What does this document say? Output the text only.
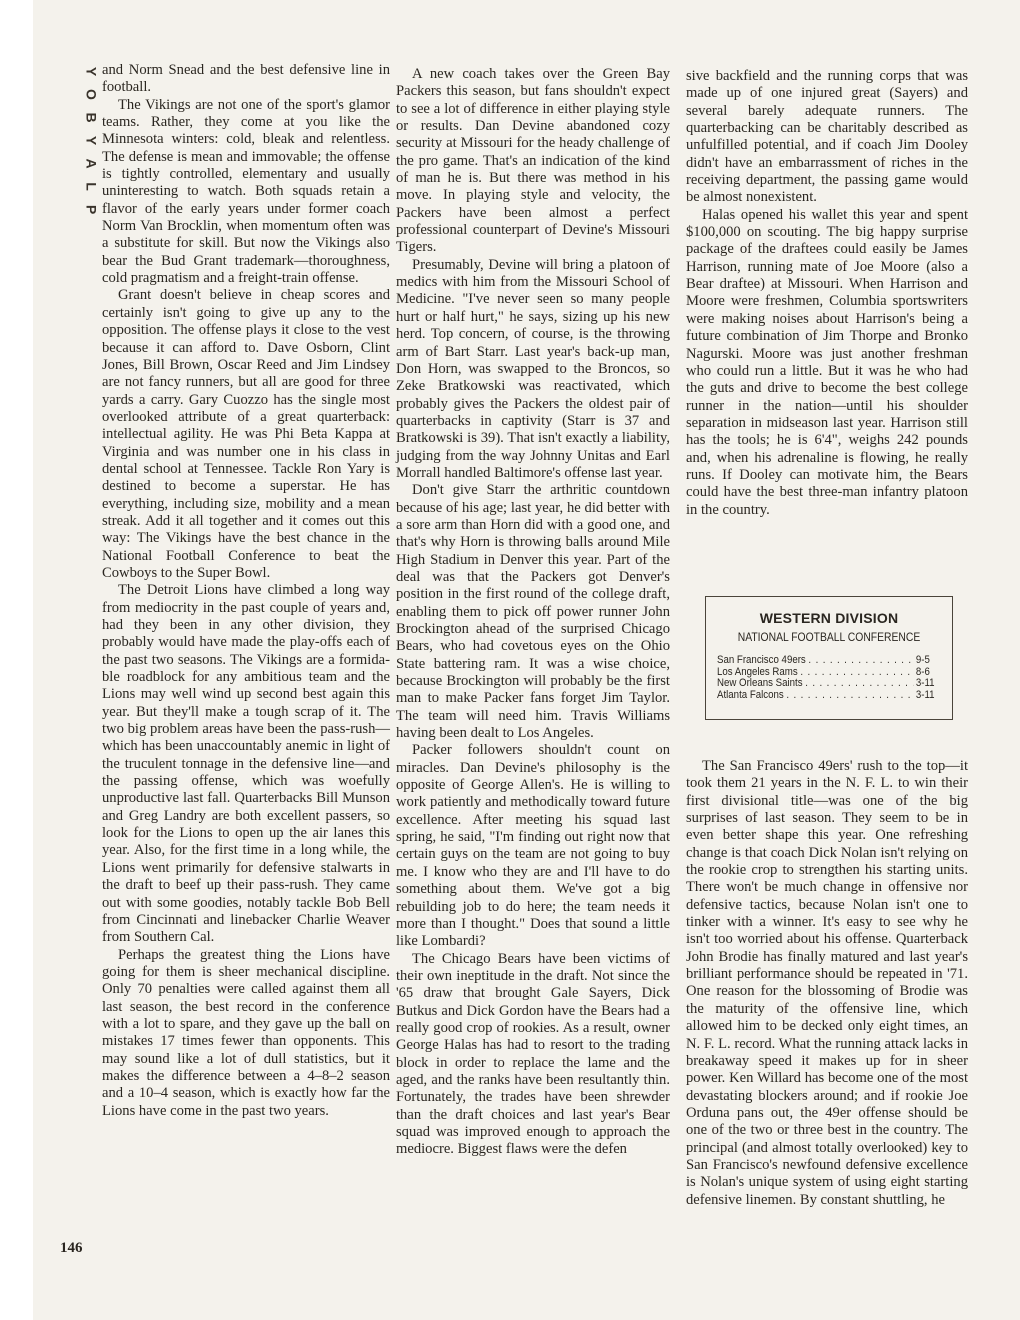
Y
O
B
Y
A
L
P

and Norm Snead and the best defensive line in football.

The Vikings are not one of the sport's glamor teams. Rather, they come at you like the Minnesota winters: cold, bleak and relentless. The defense is mean and immovable; the offense is tightly controlled, elementary and usually uninteresting to watch. Both squads retain a flavor of the early years under former coach Norm Van Brocklin, when momentum often was a substitute for skill. But now the Vikings also bear the Bud Grant trademark—thoroughness, cold pragmatism and a freight-train offense.

Grant doesn't believe in cheap scores and certainly isn't going to give up any to the opposition. The offense plays it close to the vest because it can afford to. Dave Osborn, Clint Jones, Bill Brown, Oscar Reed and Jim Lindsey are not fancy runners, but all are good for three yards a carry. Gary Cuozzo has the single most overlooked attribute of a great quarterback: intellectual agility. He was Phi Beta Kappa at Virginia and was number one in his class in dental school at Tennessee. Tackle Ron Yary is destined to become a superstar. He has everything, including size, mobility and a mean streak. Add it all together and it comes out this way: The Vikings have the best chance in the National Football Conference to beat the Cowboys to the Super Bowl.

The Detroit Lions have climbed a long way from mediocrity in the past couple of years and, had they been in any other division, they probably would have made the play-offs each of the past two seasons. The Vikings are a formidable roadblock for any ambitious team and the Lions may well wind up second best again this year. But they'll make a tough scrap of it. The two big problem areas have been the pass-rush— which has been unaccountably anemic in light of the truculent tonnage in the defensive line—and the passing offense, which was woefully unproductive last fall. Quarterbacks Bill Munson and Greg Landry are both excellent passers, so look for the Lions to open up the air lanes this year. Also, for the first time in a long while, the Lions went primarily for defensive stalwarts in the draft to beef up their pass-rush. They came out with some goodies, notably tackle Bob Bell from Cincinnati and linebacker Charlie Weaver from Southern Cal.

Perhaps the greatest thing the Lions have going for them is sheer mechanical discipline. Only 70 penalties were called against them all last season, the best record in the conference with a lot to spare, and they gave up the ball on mistakes 17 times fewer than opponents. This may sound like a lot of dull statistics, but it makes the difference between a 4–8–2 season and a 10–4 season, which is exactly how far the Lions have come in the past two years.

A new coach takes over the Green Bay Packers this season, but fans shouldn't expect to see a lot of difference in either playing style or results. Dan Devine abandoned cozy security at Missouri for the heady challenge of the pro game. That's an indication of the kind of man he is. But there was method in his move. In playing style and velocity, the Packers have been almost a perfect professional counterpart of Devine's Missouri Tigers.

Presumably, Devine will bring a platoon of medics with him from the Missouri School of Medicine. "I've never seen so many people hurt or half hurt," he says, sizing up his new herd. Top concern, of course, is the throwing arm of Bart Starr. Last year's back-up man, Don Horn, was swapped to the Broncos, so Zeke Bratkowski was reactivated, which probably gives the Packers the oldest pair of quarterbacks in captivity (Starr is 37 and Bratkowski is 39). That isn't exactly a liability, judging from the way Johnny Unitas and Earl Morrall handled Baltimore's offense last year.

Don't give Starr the arthritic countdown because of his age; last year, he did better with a sore arm than Horn did with a good one, and that's why Horn is throwing balls around Mile High Stadium in Denver this year. Part of the deal was that the Packers got Denver's position in the first round of the college draft, enabling them to pick off power runner John Brockington ahead of the surprised Chicago Bears, who had covetous eyes on the Ohio State battering ram. It was a wise choice, because Brockington will probably be the first man to make Packer fans forget Jim Taylor. The team will need him. Travis Williams having been dealt to Los Angeles.

Packer followers shouldn't count on miracles. Dan Devine's philosophy is the opposite of George Allen's. He is willing to work patiently and methodically toward future excellence. After meeting his squad last spring, he said, "I'm finding out right now that certain guys on the team are not going to buy me. I know who they are and I'll have to do something about them. We've got a big rebuilding job to do here; the team needs it more than I thought." Does that sound a little like Lombardi?

The Chicago Bears have been victims of their own ineptitude in the draft. Not since the '65 draw that brought Gale Sayers, Dick Butkus and Dick Gordon have the Bears had a really good crop of rookies. As a result, owner George Halas has had to resort to the trading block in order to replace the lame and the aged, and the ranks have been resultantly thin. Fortunately, the trades have been shrewder than the draft choices and last year's Bear squad was improved enough to approach the mediocre. Biggest flaws were the defen

sive backfield and the running corps that was made up of one injured great (Sayers) and several barely adequate runners. The quarterbacking can be charitably described as unfulfilled potential, and if coach Jim Dooley didn't have an embarrassment of riches in the receiving department, the passing game would be almost nonexistent.

Halas opened his wallet this year and spent $100,000 on scouting. The big happy surprise package of the draftees could easily be James Harrison, running mate of Joe Moore (also a Bear draftee) at Missouri. When Harrison and Moore were freshmen, Columbia sportswriters were making noises about Harrison's being a future combination of Jim Thorpe and Bronko Nagurski. Moore was just another freshman who could run a little. But it was he who had the guts and drive to become the best college runner in the nation—until his shoulder separation in midseason last year. Harrison still has the tools; he is 6'4", weighs 242 pounds and, when his adrenaline is flowing, he really runs. If Dooley can motivate him, the Bears could have the best three-man infantry platoon in the country.

WESTERN DIVISION
NATIONAL FOOTBALL CONFERENCE
San Francisco 49ers . . .	9-5
Los Angeles Rams . . .	8-6
New Orleans Saints . . .	3-11
Atlanta Falcons . . .	3-11

The San Francisco 49ers' rush to the top—it took them 21 years in the N. F. L. to win their first divisional title—was one of the big surprises of last season. They seem to be in even better shape this year. One refreshing change is that coach Dick Nolan isn't relying on the rookie crop to strengthen his starting units. There won't be much change in offensive nor defensive tactics, because Nolan isn't one to tinker with a winner. It's easy to see why he isn't too worried about his offense. Quarterback John Brodie has finally matured and last year's brilliant performance should be repeated in '71. One reason for the blossoming of Brodie was the maturity of the offensive line, which allowed him to be decked only eight times, an N. F. L. record. What the running attack lacks in breakaway speed it makes up for in sheer power. Ken Willard has become one of the most devastating blockers around; and if rookie Joe Orduna pans out, the 49er offense should be one of the two or three best in the country. The principal (and almost totally overlooked) key to San Francisco's newfound defensive excellence is Nolan's unique system of using eight starting defensive linemen. By constant shuttling, he

146
